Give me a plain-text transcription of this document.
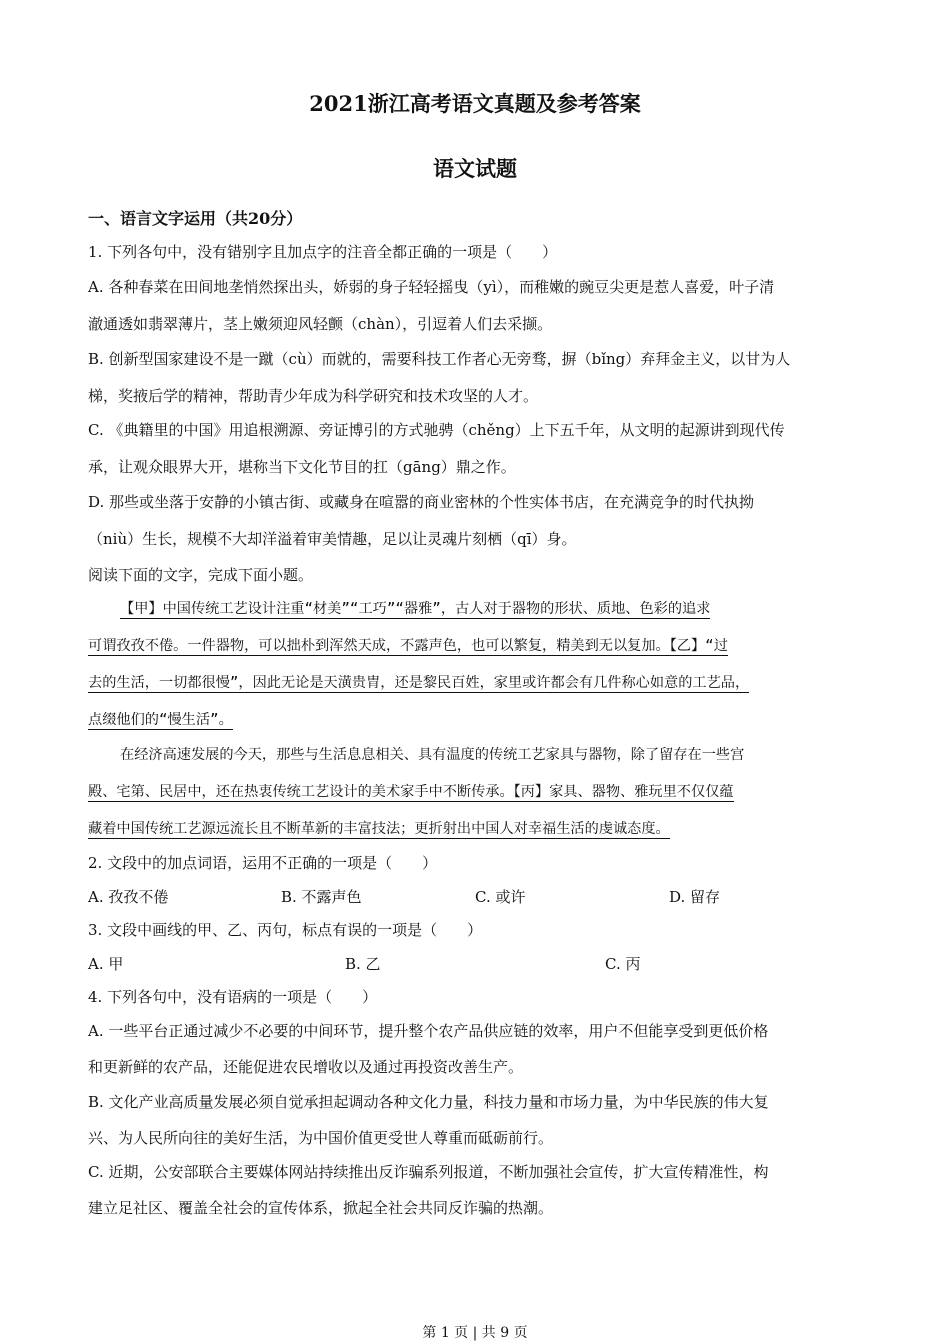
2021浙江高考语文真题及参考答案
语文试题
一、语言文字运用（共20分）
1. 下列各句中，没有错别字且加点字的注音全都正确的一项是（　　）
A. 各种春菜在田间地垄悄然探出头，娇弱的身子轻轻摇曳（yì），而稚嫩的豌豆尖更是惹人喜爱，叶子清
澈通透如翡翠薄片，茎上嫩须迎风轻颤（chàn），引逗着人们去采撷。
B. 创新型国家建设不是一蹴（cù）而就的，需要科技工作者心无旁骛，摒（bǐng）弃拜金主义，以甘为人
梯，奖掖后学的精神，帮助青少年成为科学研究和技术攻坚的人才。
C. 《典籍里的中国》用追根溯源、旁证博引的方式驰骋（chěng）上下五千年，从文明的起源讲到现代传
承，让观众眼界大开，堪称当下文化节目的扛（gāng）鼎之作。
D. 那些或坐落于安静的小镇古街、或藏身在喧嚣的商业密林的个性实体书店，在充满竞争的时代执拗
（niù）生长，规模不大却洋溢着审美情趣，足以让灵魂片刻栖（qī）身。
阅读下面的文字，完成下面小题。
【甲】中国传统工艺设计注重“材美”“工巧”“器雅”，古人对于器物的形状、质地、色彩的追求
可谓孜孜不倦。一件器物，可以拙朴到浑然天成，不露声色，也可以繁复，精美到无以复加。【乙】“过
去的生活，一切都很慢”，因此无论是天潢贵胄，还是黎民百姓，家里或许都会有几件称心如意的工艺品，
点缀他们的“慢生活”。
在经济高速发展的今天，那些与生活息息相关、具有温度的传统工艺家具与器物，除了留存在一些宫
殿、宅第、民居中，还在热衷传统工艺设计的美术家手中不断传承。【丙】家具、器物、雅玩里不仅仅蕴
藏着中国传统工艺源远流长且不断革新的丰富技法；更折射出中国人对幸福生活的虔诚态度。
2. 文段中的加点词语，运用不正确的一项是（　　）
A. 孜孜不倦	B. 不露声色	C. 或许	D. 留存
3. 文段中画线的甲、乙、丙句，标点有误的一项是（　　）
A. 甲	B. 乙	C. 丙
4. 下列各句中，没有语病的一项是（　　）
A. 一些平台正通过减少不必要的中间环节，提升整个农产品供应链的效率，用户不但能享受到更低价格
和更新鲜的农产品，还能促进农民增收以及通过再投资改善生产。
B. 文化产业高质量发展必须自觉承担起调动各种文化力量，科技力量和市场力量，为中华民族的伟大复
兴、为人民所向往的美好生活，为中国价值更受世人尊重而砥砺前行。
C. 近期，公安部联合主要媒体网站持续推出反诈骗系列报道，不断加强社会宣传，扩大宣传精准性，构
建立足社区、覆盖全社会的宣传体系，掀起全社会共同反诈骗的热潮。
第 1 页 | 共 9 页
